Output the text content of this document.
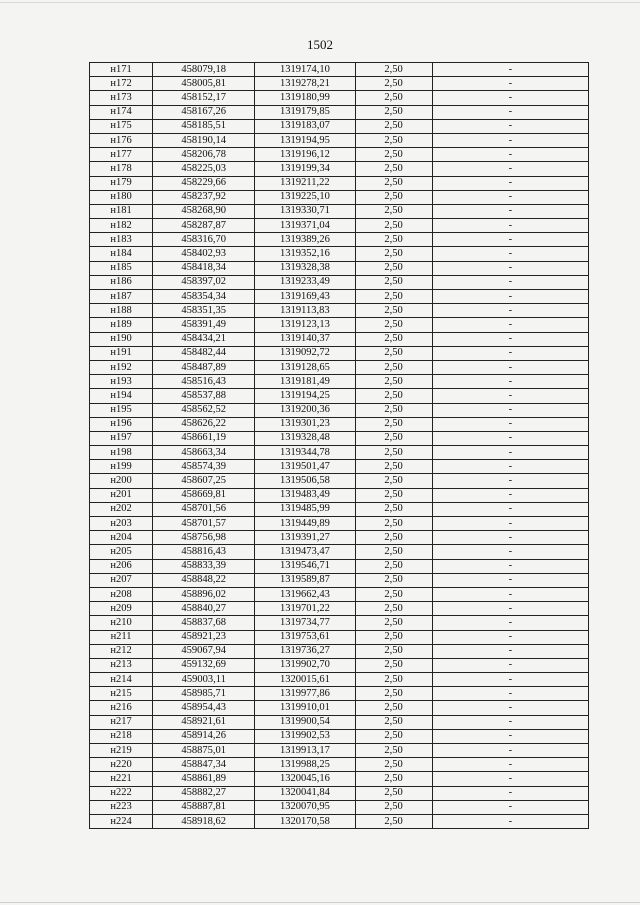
1502
н171	458079,18	1319174,10	2,50	-
н172	458005,81	1319278,21	2,50	-
н173	458152,17	1319180,99	2,50	-
н174	458167,26	1319179,85	2,50	-
н175	458185,51	1319183,07	2,50	-
н176	458190,14	1319194,95	2,50	-
н177	458206,78	1319196,12	2,50	-
н178	458225,03	1319199,34	2,50	-
н179	458229,66	1319211,22	2,50	-
н180	458237,92	1319225,10	2,50	-
н181	458268,90	1319330,71	2,50	-
н182	458287,87	1319371,04	2,50	-
н183	458316,70	1319389,26	2,50	-
н184	458402,93	1319352,16	2,50	-
н185	458418,34	1319328,38	2,50	-
н186	458397,02	1319233,49	2,50	-
н187	458354,34	1319169,43	2,50	-
н188	458351,35	1319113,83	2,50	-
н189	458391,49	1319123,13	2,50	-
н190	458434,21	1319140,37	2,50	-
н191	458482,44	1319092,72	2,50	-
н192	458487,89	1319128,65	2,50	-
н193	458516,43	1319181,49	2,50	-
н194	458537,88	1319194,25	2,50	-
н195	458562,52	1319200,36	2,50	-
н196	458626,22	1319301,23	2,50	-
н197	458661,19	1319328,48	2,50	-
н198	458663,34	1319344,78	2,50	-
н199	458574,39	1319501,47	2,50	-
н200	458607,25	1319506,58	2,50	-
н201	458669,81	1319483,49	2,50	-
н202	458701,56	1319485,99	2,50	-
н203	458701,57	1319449,89	2,50	-
н204	458756,98	1319391,27	2,50	-
н205	458816,43	1319473,47	2,50	-
н206	458833,39	1319546,71	2,50	-
н207	458848,22	1319589,87	2,50	-
н208	458896,02	1319662,43	2,50	-
н209	458840,27	1319701,22	2,50	-
н210	458837,68	1319734,77	2,50	-
н211	458921,23	1319753,61	2,50	-
н212	459067,94	1319736,27	2,50	-
н213	459132,69	1319902,70	2,50	-
н214	459003,11	1320015,61	2,50	-
н215	458985,71	1319977,86	2,50	-
н216	458954,43	1319910,01	2,50	-
н217	458921,61	1319900,54	2,50	-
н218	458914,26	1319902,53	2,50	-
н219	458875,01	1319913,17	2,50	-
н220	458847,34	1319988,25	2,50	-
н221	458861,89	1320045,16	2,50	-
н222	458882,27	1320041,84	2,50	-
н223	458887,81	1320070,95	2,50	-
н224	458918,62	1320170,58	2,50	-
